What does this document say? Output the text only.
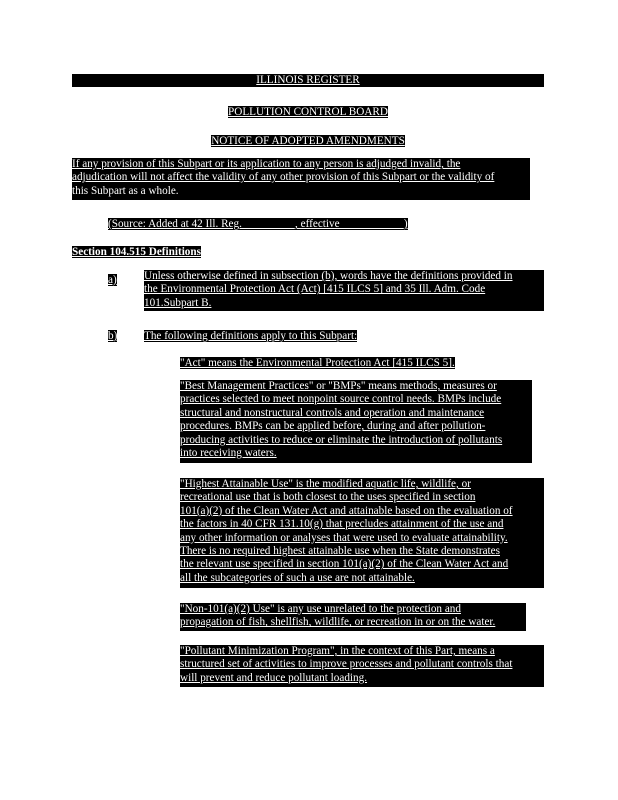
ILLINOIS REGISTER
POLLUTION CONTROL BOARD
NOTICE OF ADOPTED AMENDMENTS

If any provision of this Subpart or its application to any person is adjudged invalid, the

adjudication will not affect the validity of any other provision of this Subpart or the validity of

this Subpart as a whole.

(Source: Added at 42 Ill. Reg. _________, effective ___________)
Section 104.515 Definitions
a) Unless otherwise defined in subsection (b), words have the definitions provided in

the Environmental Protection Act (Act) [415 ILCS 5] and 35 Ill. Adm. Code

101.Subpart B.

b) The following definitions apply to this Subpart:
"Act" means the Environmental Protection Act [415 ILCS 5].

"Best Management Practices" or "BMPs" means methods, measures or

practices selected to meet nonpoint source control needs. BMPs include

structural and nonstructural controls and operation and maintenance

procedures. BMPs can be applied before, during and after pollution-

producing activities to reduce or eliminate the introduction of pollutants

into receiving waters.

"Highest Attainable Use" is the modified aquatic life, wildlife, or

recreational use that is both closest to the uses specified in section

101(a)(2) of the Clean Water Act and attainable based on the evaluation of

the factors in 40 CFR 131.10(g) that precludes attainment of the use and

any other information or analyses that were used to evaluate attainability.

There is no required highest attainable use when the State demonstrates

the relevant use specified in section 101(a)(2) of the Clean Water Act and

all the subcategories of such a use are not attainable.

"Non-101(a)(2) Use" is any use unrelated to the protection and

propagation of fish, shellfish, wildlife, or recreation in or on the water.

"Pollutant Minimization Program", in the context of this Part, means a

structured set of activities to improve processes and pollutant controls that

will prevent and reduce pollutant loading.
